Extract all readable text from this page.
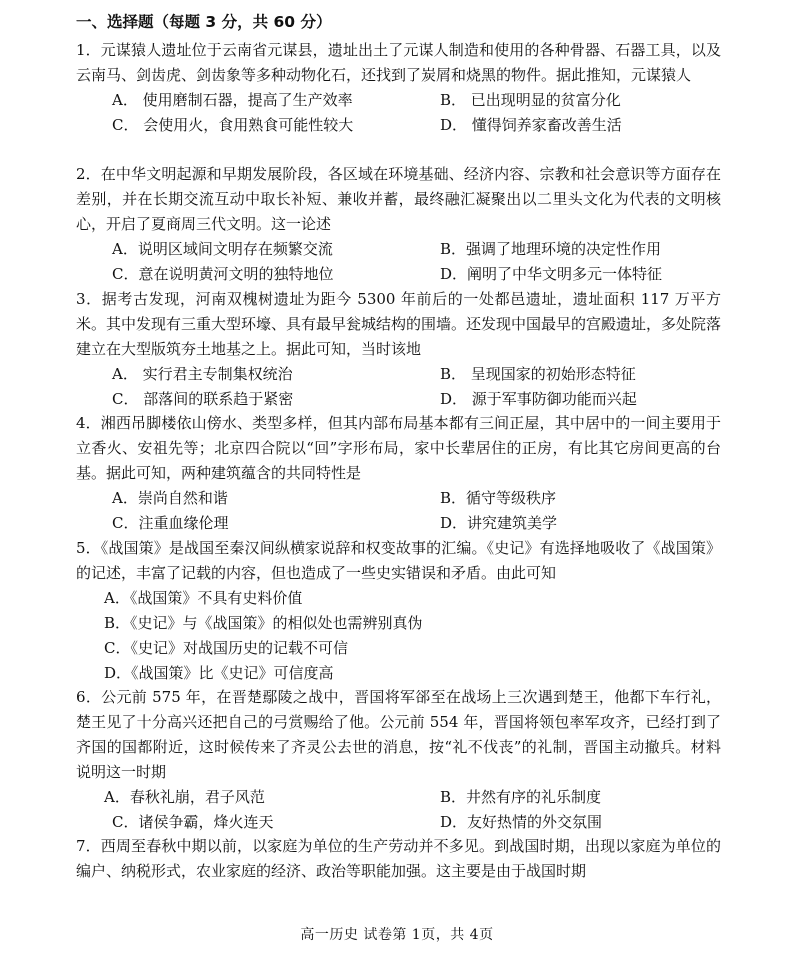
一、选择题（每题 3 分，共 60 分）

1．元谋猿人遗址位于云南省元谋县，遗址出土了元谋人制造和使用的各种骨器、石器工具，以及云南马、剑齿虎、剑齿象等多种动物化石，还找到了炭屑和烧黑的物件。据此推知，元谋猿人

A． 使用磨制石器，提高了生产效率	B． 已出现明显的贫富分化
C． 会使用火，食用熟食可能性较大	D． 懂得饲养家畜改善生活

2．在中华文明起源和早期发展阶段，各区域在环境基础、经济内容、宗教和社会意识等方面存在差别，并在长期交流互动中取长补短、兼收并蓄，最终融汇凝聚出以二里头文化为代表的文明核心，开启了夏商周三代文明。这一论述

A．说明区域间文明存在频繁交流	B．强调了地理环境的决定性作用
C．意在说明黄河文明的独特地位	D．阐明了中华文明多元一体特征

3．据考古发现，河南双槐树遗址为距今 5300 年前后的一处都邑遗址，遗址面积 117 万平方米。其中发现有三重大型环壕、具有最早瓮城结构的围墙。还发现中国最早的宫殿遗址，多处院落建立在大型版筑夯土地基之上。据此可知，当时该地

A． 实行君主专制集权统治	B． 呈现国家的初始形态特征
C． 部落间的联系趋于紧密	D． 源于军事防御功能而兴起

4．湘西吊脚楼依山傍水、类型多样，但其内部布局基本都有三间正屋，其中居中的一间主要用于立香火、安祖先等；北京四合院以“回”字形布局，家中长辈居住的正房，有比其它房间更高的台基。据此可知，两种建筑蕴含的共同特性是

A．崇尚自然和谐	B．循守等级秩序
C．注重血缘伦理	D．讲究建筑美学

5．《战国策》是战国至秦汉间纵横家说辞和权变故事的汇编。《史记》有选择地吸收了《战国策》的记述，丰富了记载的内容，但也造成了一些史实错误和矛盾。由此可知

A．《战国策》不具有史料价值
B．《史记》与《战国策》的相似处也需辨别真伪
C．《史记》对战国历史的记载不可信
D．《战国策》比《史记》可信度高

6．公元前 575 年，在晋楚鄢陵之战中，晋国将军郤至在战场上三次遇到楚王，他都下车行礼，楚王见了十分高兴还把自己的弓赏赐给了他。公元前 554 年，晋国将领包率军攻齐，已经打到了齐国的国都附近，这时候传来了齐灵公去世的消息，按“礼不伐丧”的礼制，晋国主动撤兵。材料说明这一时期

A．春秋礼崩，君子风范	B．井然有序的礼乐制度
C．诸侯争霸，烽火连天	D．友好热情的外交氛围

7．西周至春秋中期以前，以家庭为单位的生产劳动并不多见。到战国时期，出现以家庭为单位的编户、纳税形式，农业家庭的经济、政治等职能加强。这主要是由于战国时期

高一历史 试卷第 1页，共 4页
